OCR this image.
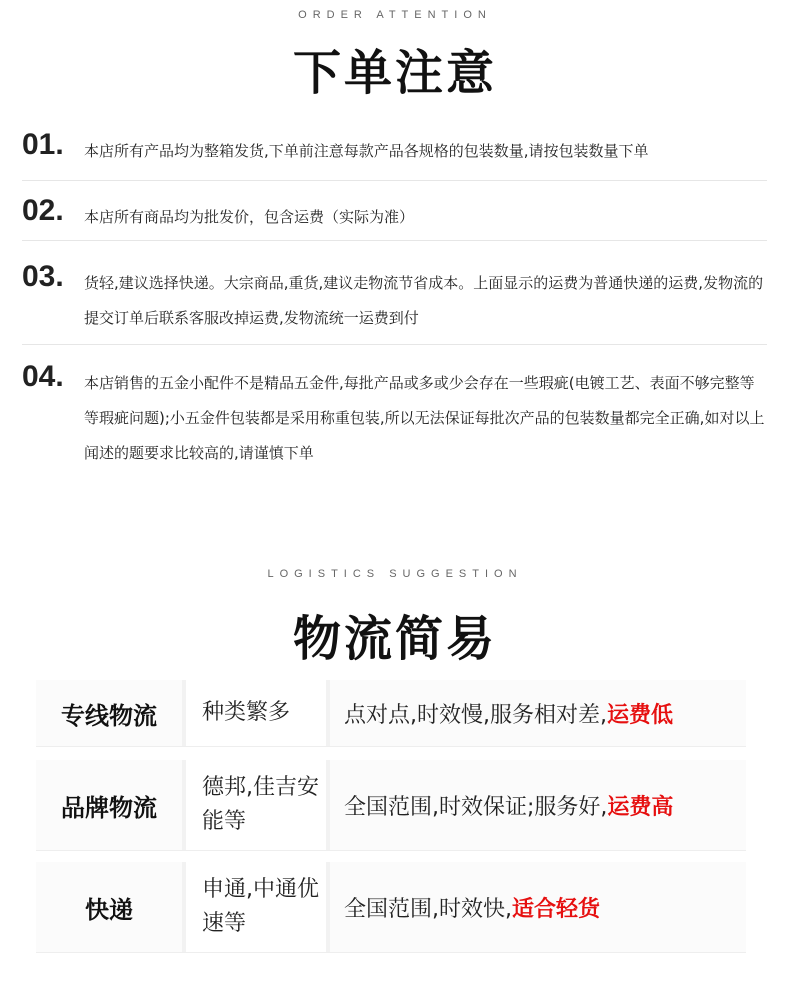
ORDER ATTENTION
下单注意
01. 本店所有产品均为整箱发货,下单前注意每款产品各规格的包装数量,请按包装数量下单
02. 本店所有商品均为批发价，包含运费（实际为准）
03. 货轻,建议选择快递。大宗商品,重货,建议走物流节省成本。上面显示的运费为普通快递的运费,发物流的提交订单后联系客服改掉运费,发物流统一运费到付
04. 本店销售的五金小配件不是精品五金件,每批产品或多或少会存在一些瑕疵(电镀工艺、表面不够完整等等瑕疵问题);小五金件包装都是采用称重包装,所以无法保证每批次产品的包装数量都完全正确,如对以上闻述的题要求比较高的,请谨慎下单
LOGISTICS SUGGESTION
物流简易
专线物流	种类繁多	点对点,时效慢,服务相对差, 运费低
品牌物流
德邦,佳吉安能等
全国范围,时效保证;服务好, 运费高
快递
申通,中通优速等
全国范围,时效快, 适合轻货
